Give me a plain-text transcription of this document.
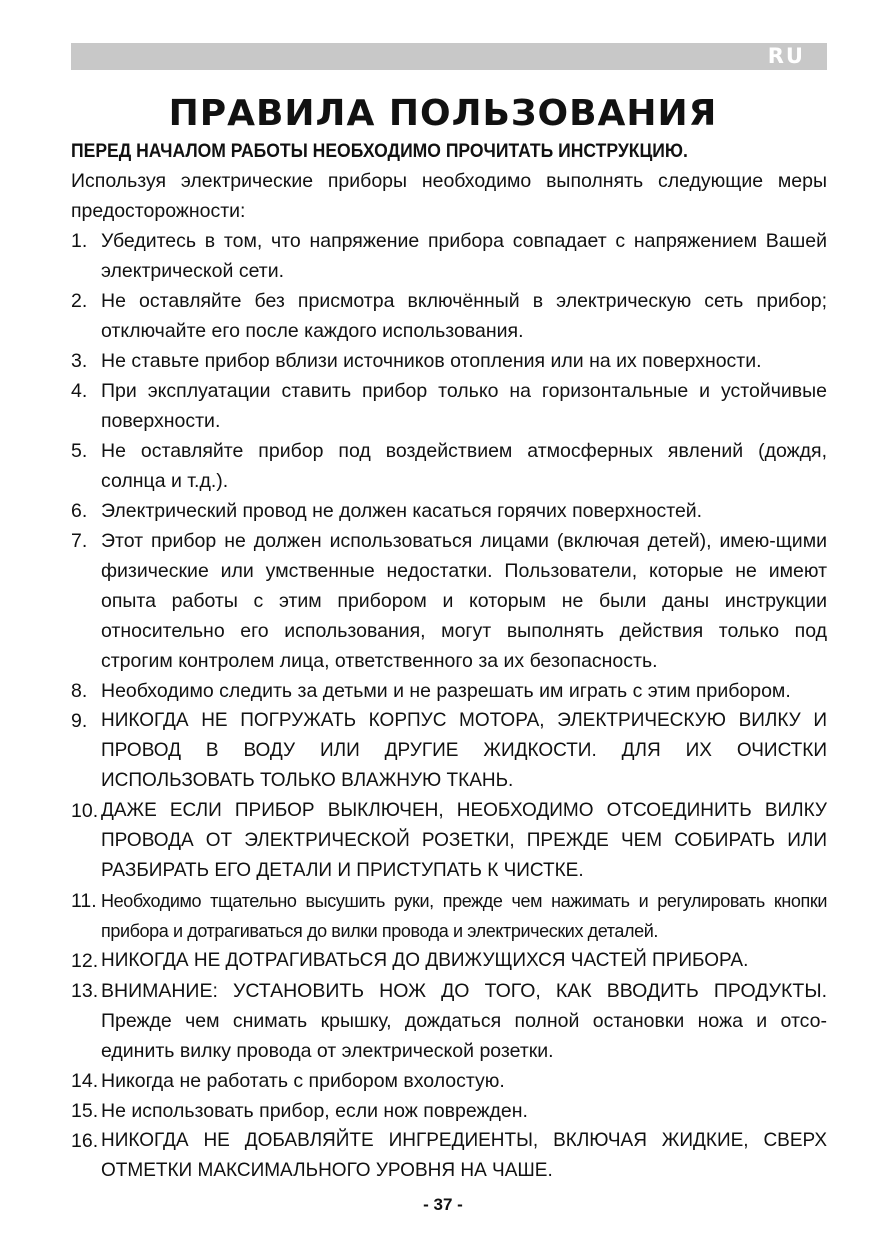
RU
ПРАВИЛА ПОЛЬЗОВАНИЯ
ПЕРЕД НАЧАЛОМ РАБОТЫ НЕОБХОДИМО ПРОЧИТАТЬ ИНСТРУКЦИЮ.

Используя электрические приборы необходимо выполнять следующие меры предосторожности:

1. Убедитесь в том, что напряжение прибора совпадает с напряжением Вашей электрической сети.
2. Не оставляйте без присмотра включённый в электрическую сеть прибор; отключайте его после каждого использования.
3. Не ставьте прибор вблизи источников отопления или на их поверхности.
4. При эксплуатации ставить прибор только на горизонтальные и устойчивые поверхности.
5. Не оставляйте прибор под воздействием атмосферных явлений (дождя, солнца и т.д.).
6. Электрический провод не должен касаться горячих поверхностей.
7. Этот прибор не должен использоваться лицами (включая детей), имею-щими физические или умственные недостатки. Пользователи, которые не имеют опыта работы с этим прибором и которым не были даны инструкции относительно его использования, могут выполнять действия только под строгим контролем лица, ответственного за их безопасность.
8. Необходимо следить за детьми и не разрешать им играть с этим прибором.
9. НИКОГДА НЕ ПОГРУЖАТЬ КОРПУС МОТОРА, ЭЛЕКТРИЧЕСКУЮ ВИЛКУ И ПРОВОД В ВОДУ ИЛИ ДРУГИЕ ЖИДКОСТИ. ДЛЯ ИХ ОЧИСТКИ ИСПОЛЬЗОВАТЬ ТОЛЬКО ВЛАЖНУЮ ТКАНЬ.
10. ДАЖЕ ЕСЛИ ПРИБОР ВЫКЛЮЧЕН, НЕОБХОДИМО ОТСОЕДИНИТЬ ВИЛКУ ПРОВОДА ОТ ЭЛЕКТРИЧЕСКОЙ РОЗЕТКИ, ПРЕЖДЕ ЧЕМ СОБИРАТЬ ИЛИ РАЗБИРАТЬ ЕГО ДЕТАЛИ И ПРИСТУПАТЬ К ЧИСТКЕ.
11. Необходимо тщательно высушить руки, прежде чем нажимать и регулировать кнопки прибора и дотрагиваться до вилки провода и электрических деталей.
12. НИКОГДА НЕ ДОТРАГИВАТЬСЯ ДО ДВИЖУЩИХСЯ ЧАСТЕЙ ПРИБОРА.
13. ВНИМАНИЕ: УСТАНОВИТЬ НОЖ ДО ТОГО, КАК ВВОДИТЬ ПРОДУКТЫ. Прежде чем снимать крышку, дождаться полной остановки ножа и отсо-единить вилку провода от электрической розетки.
14. Никогда не работать с прибором вхолостую.
15. Не использовать прибор, если нож поврежден.
16. НИКОГДА НЕ ДОБАВЛЯЙТЕ ИНГРЕДИЕНТЫ, ВКЛЮЧАЯ ЖИДКИЕ, СВЕРХ ОТМЕТКИ МАКСИМАЛЬНОГО УРОВНЯ НА ЧАШЕ.
- 37 -
